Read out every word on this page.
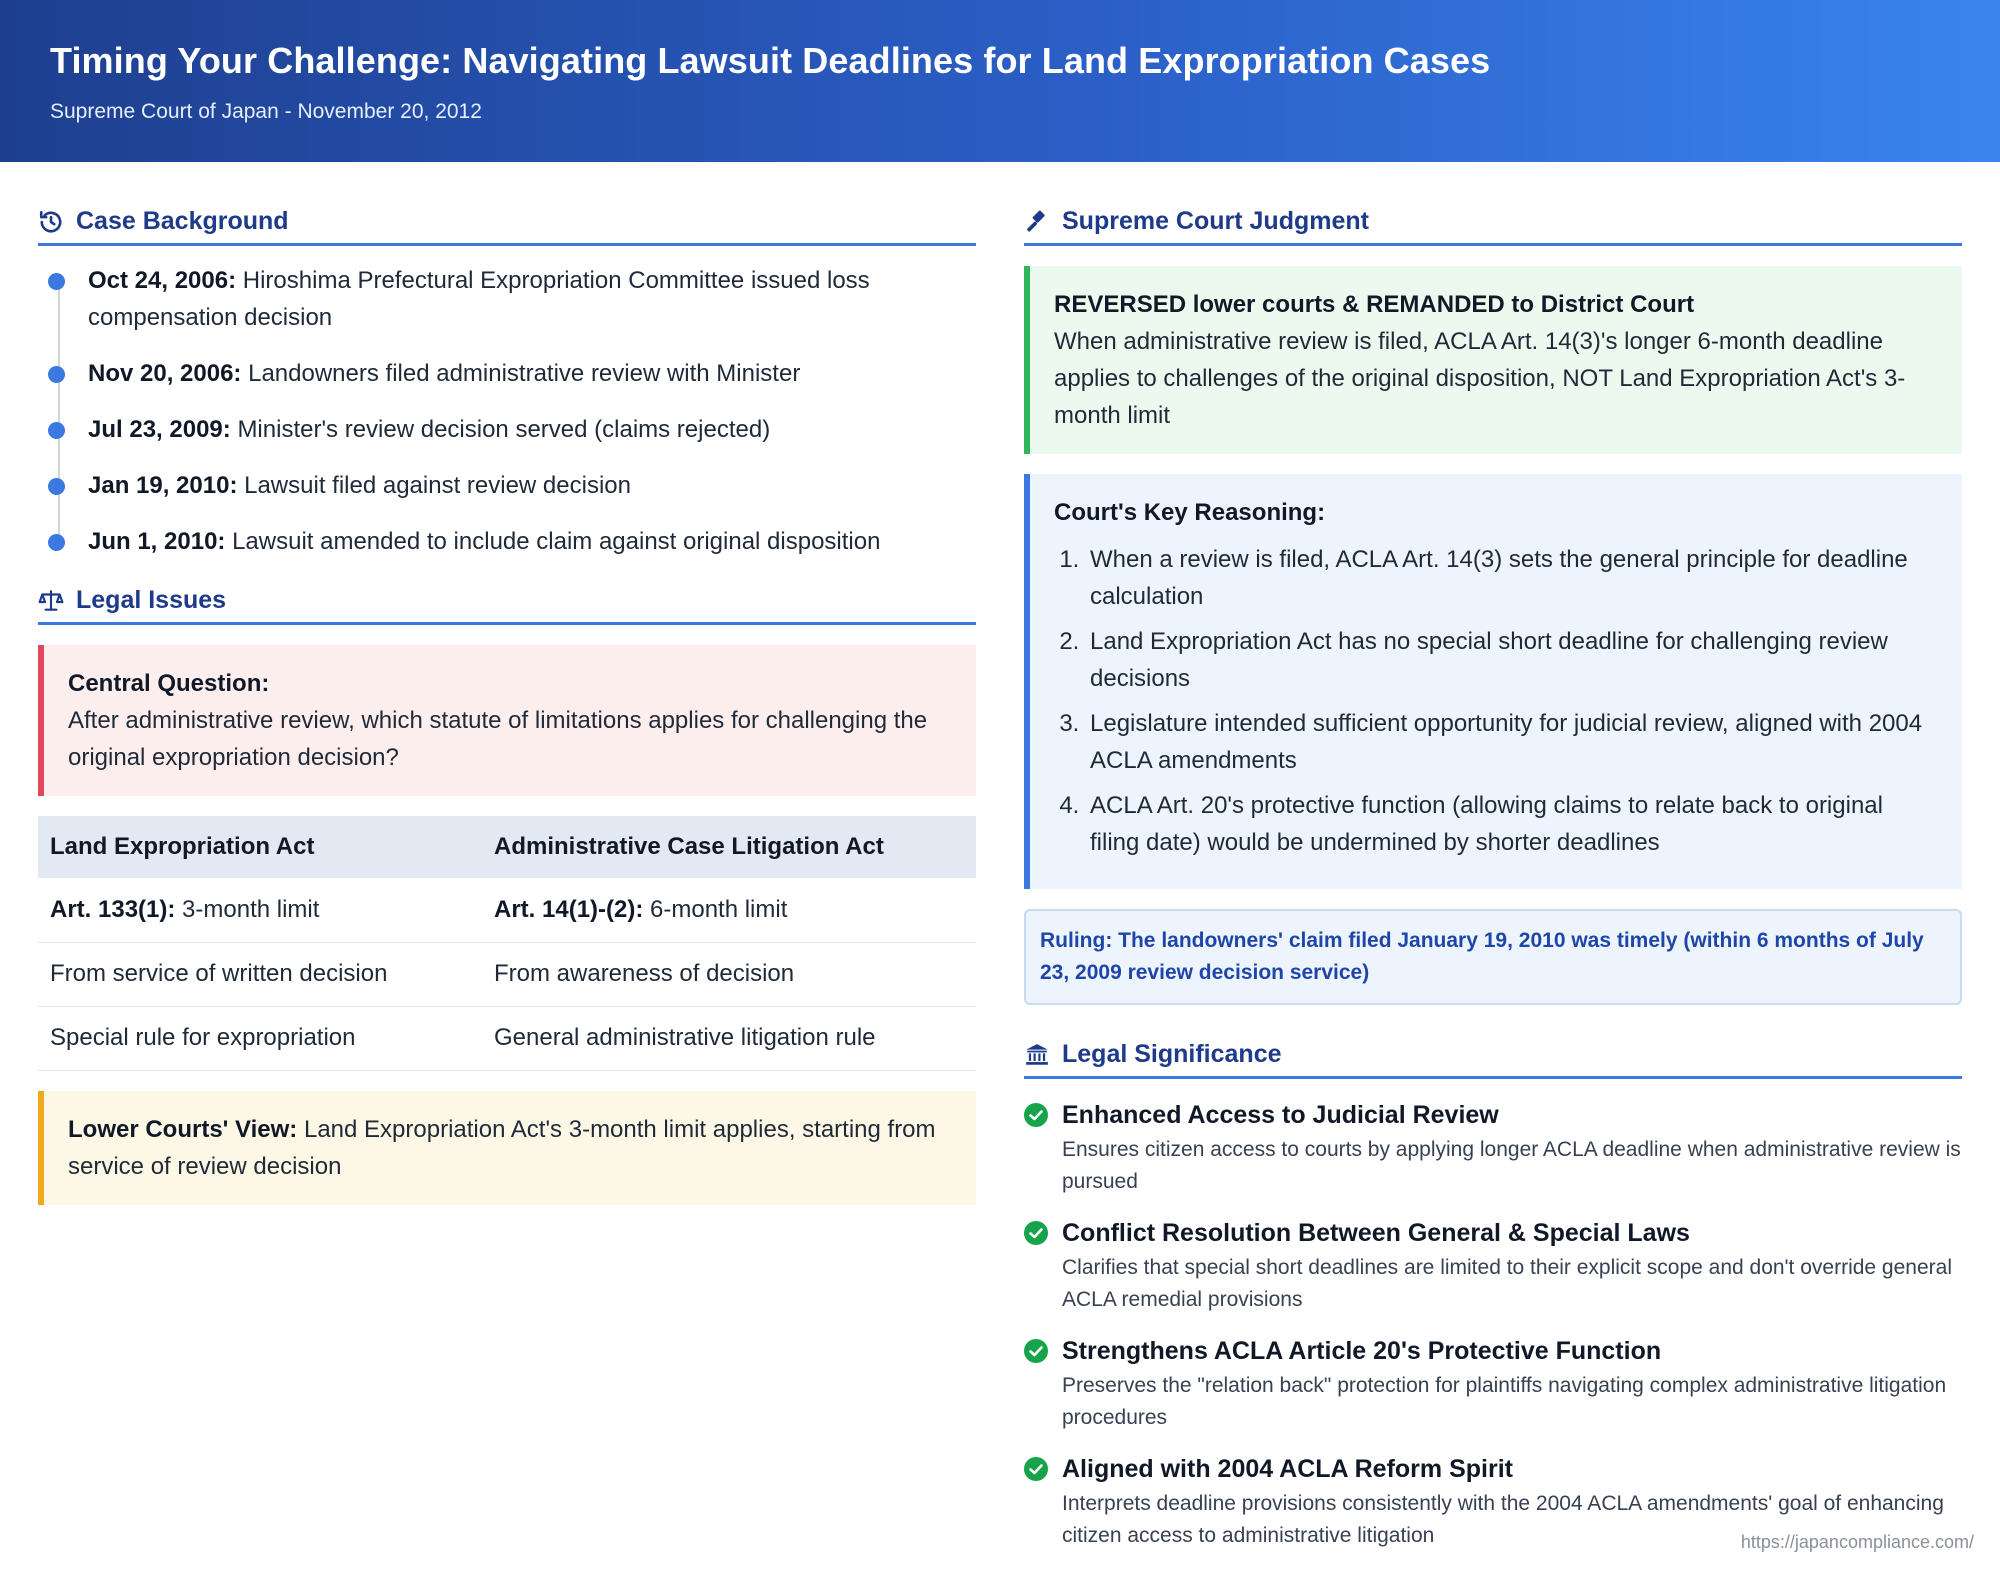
Timing Your Challenge: Navigating Lawsuit Deadlines for Land Expropriation Cases
Supreme Court of Japan - November 20, 2012
Case Background
Oct 24, 2006: Hiroshima Prefectural Expropriation Committee issued loss compensation decision
Nov 20, 2006: Landowners filed administrative review with Minister
Jul 23, 2009: Minister's review decision served (claims rejected)
Jan 19, 2010: Lawsuit filed against review decision
Jun 1, 2010: Lawsuit amended to include claim against original disposition
Legal Issues
Central Question:
After administrative review, which statute of limitations applies for challenging the original expropriation decision?
Land Expropriation Act	Administrative Case Litigation Act
Art. 133(1): 3-month limit	Art. 14(1)-(2): 6-month limit
From service of written decision	From awareness of decision
Special rule for expropriation	General administrative litigation rule
Lower Courts' View: Land Expropriation Act's 3-month limit applies, starting from service of review decision
Supreme Court Judgment
REVERSED lower courts & REMANDED to District Court
When administrative review is filed, ACLA Art. 14(3)'s longer 6-month deadline applies to challenges of the original disposition, NOT Land Expropriation Act's 3-month limit
Court's Key Reasoning:
1. When a review is filed, ACLA Art. 14(3) sets the general principle for deadline calculation
2. Land Expropriation Act has no special short deadline for challenging review decisions
3. Legislature intended sufficient opportunity for judicial review, aligned with 2004 ACLA amendments
4. ACLA Art. 20's protective function (allowing claims to relate back to original filing date) would be undermined by shorter deadlines
Ruling: The landowners' claim filed January 19, 2010 was timely (within 6 months of July 23, 2009 review decision service)
Legal Significance
Enhanced Access to Judicial Review
Ensures citizen access to courts by applying longer ACLA deadline when administrative review is pursued
Conflict Resolution Between General & Special Laws
Clarifies that special short deadlines are limited to their explicit scope and don't override general ACLA remedial provisions
Strengthens ACLA Article 20's Protective Function
Preserves the "relation back" protection for plaintiffs navigating complex administrative litigation procedures
Aligned with 2004 ACLA Reform Spirit
Interprets deadline provisions consistently with the 2004 ACLA amendments' goal of enhancing citizen access to administrative litigation	https://japancompliance.com/
